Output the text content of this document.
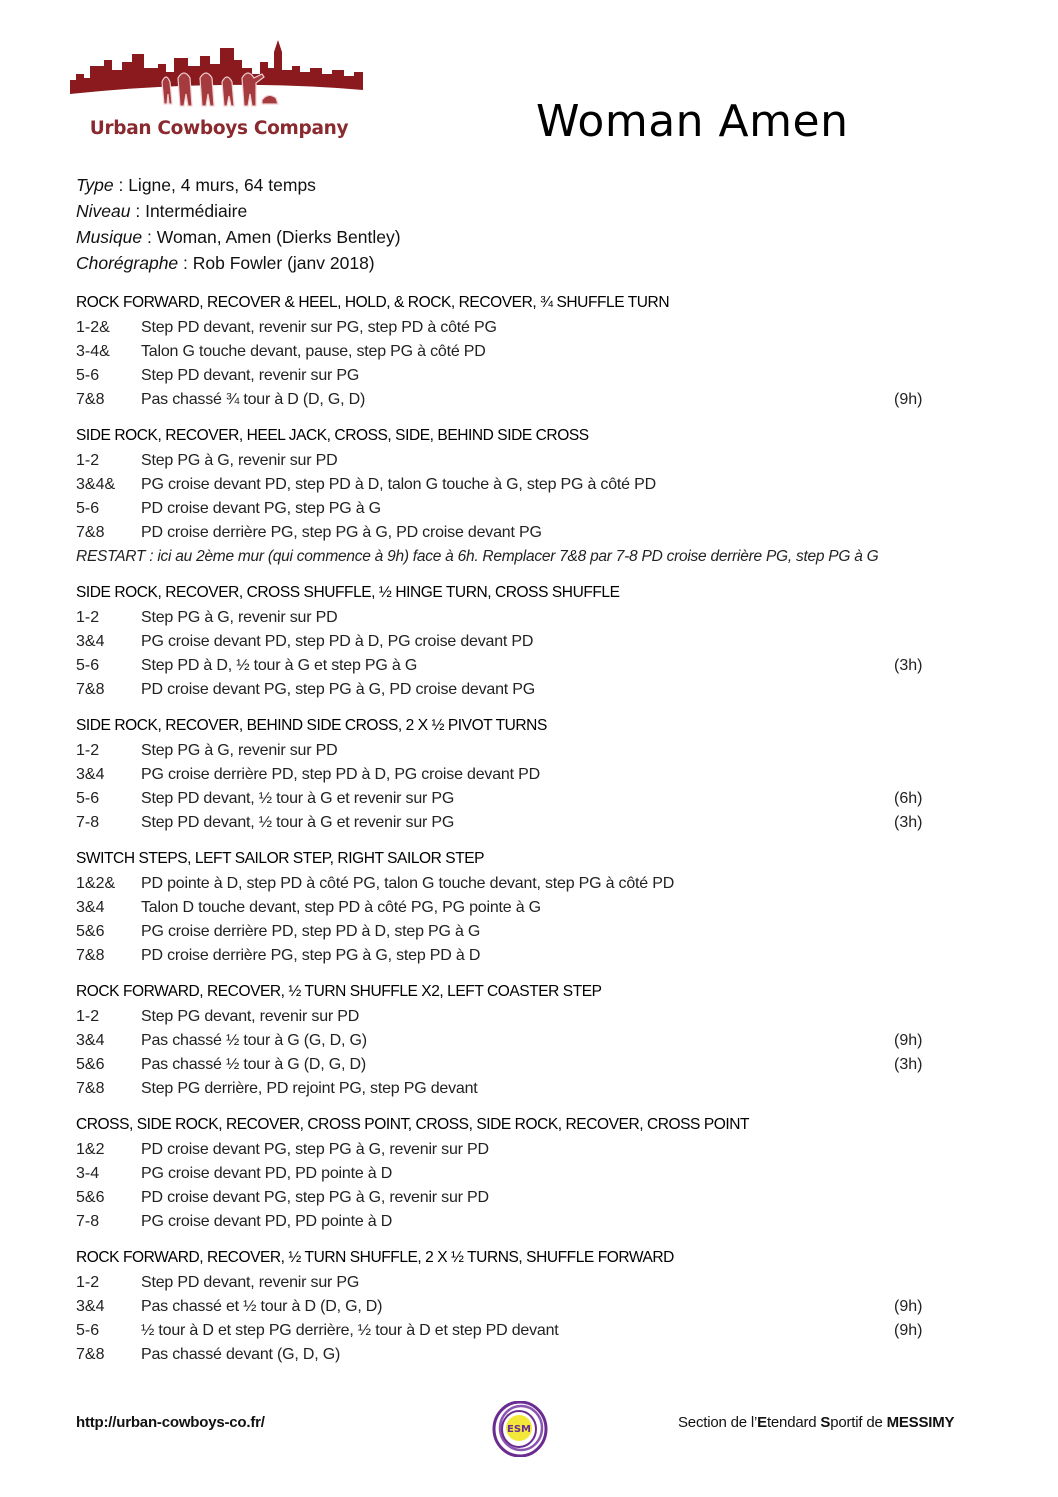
Urban Cowboys Company	Woman Amen
Type : Ligne, 4 murs, 64 temps
Niveau : Intermédiaire
Musique : Woman, Amen (Dierks Bentley)
Chorégraphe : Rob Fowler (janv 2018)
ROCK FORWARD, RECOVER & HEEL, HOLD, & ROCK, RECOVER, ¾ SHUFFLE TURN
1-2& Step PD devant, revenir sur PG, step PD à côté PG
3-4& Talon G touche devant, pause, step PG à côté PD
5-6	Step PD devant, revenir sur PG
7&8 Pas chassé ¾ tour à D (D, G, D)	(9h)
SIDE ROCK, RECOVER, HEEL JACK, CROSS, SIDE, BEHIND SIDE CROSS
1-2	Step PG à G, revenir sur PD
3&4& PG croise devant PD, step PD à D, talon G touche à G, step PG à côté PD
5-6	PD croise devant PG, step PG à G
7&8 PD croise derrière PG, step PG à G, PD croise devant PG
RESTART : ici au 2ème mur (qui commence à 9h) face à 6h. Remplacer 7&8 par 7-8 PD croise derrière PG, step PG à G
SIDE ROCK, RECOVER, CROSS SHUFFLE, ½ HINGE TURN, CROSS SHUFFLE
1-2	Step PG à G, revenir sur PD
3&4 PG croise devant PD, step PD à D, PG croise devant PD
5-6	Step PD à D, ½ tour à G et step PG à G	(3h)
7&8 PD croise devant PG, step PG à G, PD croise devant PG
SIDE ROCK, RECOVER, BEHIND SIDE CROSS, 2 X ½ PIVOT TURNS
1-2	Step PG à G, revenir sur PD
3&4 PG croise derrière PD, step PD à D, PG croise devant PD
5-6	Step PD devant, ½ tour à G et revenir sur PG	(6h)
7-8	Step PD devant, ½ tour à G et revenir sur PG	(3h)
SWITCH STEPS, LEFT SAILOR STEP, RIGHT SAILOR STEP
1&2& PD pointe à D, step PD à côté PG, talon G touche devant, step PG à côté PD
3&4 Talon D touche devant, step PD à côté PG, PG pointe à G
5&6 PG croise derrière PD, step PD à D, step PG à G
7&8 PD croise derrière PG, step PG à G, step PD à D
ROCK FORWARD, RECOVER, ½ TURN SHUFFLE X2, LEFT COASTER STEP
1-2	Step PG devant, revenir sur PD
3&4 Pas chassé ½ tour à G (G, D, G)	(9h)
5&6 Pas chassé ½ tour à G (D, G, D)	(3h)
7&8 Step PG derrière, PD rejoint PG, step PG devant
CROSS, SIDE ROCK, RECOVER, CROSS POINT, CROSS, SIDE ROCK, RECOVER, CROSS POINT
1&2 PD croise devant PG, step PG à G, revenir sur PD
3-4	PG croise devant PD, PD pointe à D
5&6 PD croise devant PG, step PG à G, revenir sur PD
7-8	PG croise devant PD, PD pointe à D
ROCK FORWARD, RECOVER, ½ TURN SHUFFLE, 2 X ½ TURNS, SHUFFLE FORWARD
1-2	Step PD devant, revenir sur PG
3&4 Pas chassé et ½ tour à D (D, G, D)	(9h)
5-6	½ tour à D et step PG derrière, ½ tour à D et step PD devant	(9h)
7&8 Pas chassé devant (G, D, G)
http://urban-cowboys-co.fr/	ESM	Section de l’Etendard Sportif de MESSIMY
